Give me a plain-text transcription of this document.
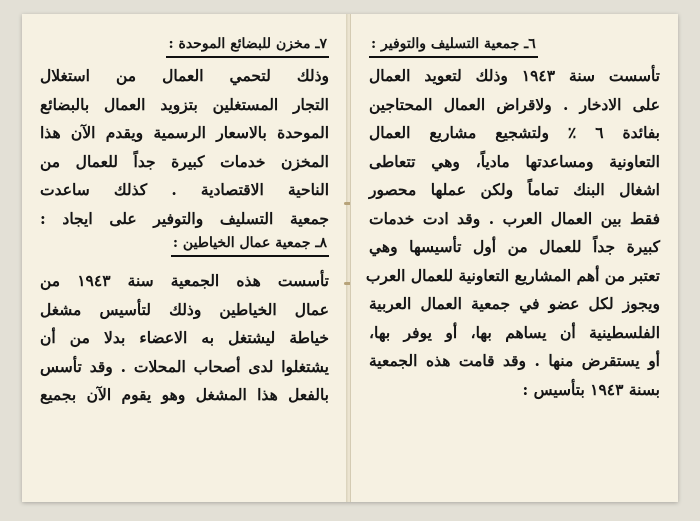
٧ـ مخزن للبضائع الموحدة :

وذلك لتحمي العمال من استغلال
التجار المستغلين بتزويد العمال بالبضائع
الموحدة بالاسعار الرسمية ويقدم الآن هذا
المخزن خدمات كبيرة جداً للعمال من
الناحية الاقتصادية . كذلك ساعدت
جمعية التسليف والتوفير على ايجاد :

٨ـ جمعية عمال الخياطين :

تأسست هذه الجمعية سنة ١٩٤٣ من
عمال الخياطين وذلك لتأسيس مشغل
خياطة ليشتغل به الاعضاء بدلا من أن
يشتغلوا لدى أصحاب المحلات . وقد تأسس
بالفعل هذا المشغل وهو يقوم الآن بجميع

٦ـ جمعية التسليف والتوفير :

تأسست سنة ١٩٤٣ وذلك لتعويد العمال
على الادخار . ولاقراض العمال المحتاجين
بفائدة ٦ ٪ ولتشجيع مشاريع العمال
التعاونية ومساعدتها مادياً، وهي تتعاطى
اشغال البنك تماماً ولكن عملها محصور
فقط بين العمال العرب . وقد ادت خدمات
كبيرة جداً للعمال من أول تأسيسها وهي
تعتبر من أهم المشاريع التعاونية للعمال العرب
ويجوز لكل عضو في جمعية العمال العربية
الفلسطينية أن يساهم بها، أو يوفر بها،
أو يستقرض منها . وقد قامت هذه الجمعية
بسنة ١٩٤٣ بتأسيس :
